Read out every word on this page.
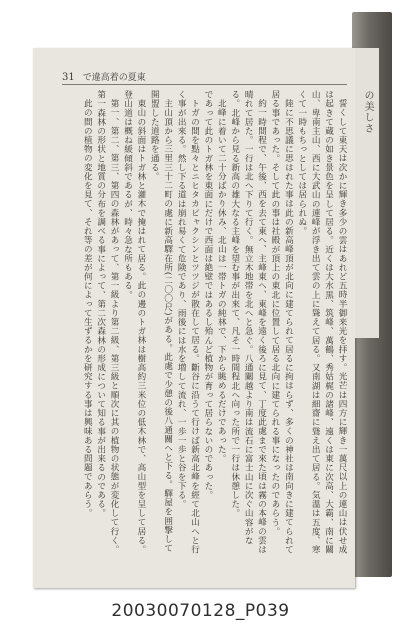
の美しさ
31 で違高着の夏東

誓くして東天は次かに輝き多少の雲はあれど五時半御来光を拝す。光芒は四方に輝き一萬尺以上の連山は伏せ成は起きて蔵の如き景色を呈して居る。近くは大水黒、筑峰、萬鶴、秀姑梶の諸峰、遠くは東に次高、大霸、南に關山、卑南主山、西に大武山の連峰が浮き出て雲の上に聳えて居る。又南湖は細齋に聳え出て居る。気溫は五度、寒くて一時もちっとしては居られぬ。

陸に不思議に思はれた事は此の新高峰頂が北向に建てられて居るに拘はらず、多くの神社は南向きに建てられて居る事であった。そして此の事は社殿が頂上の東北に位置して居る北向に建てられる事になったのであらう。

約一時間程で、午後、西を去て東へ、主峰東へ、東峰を遠く後ろに見て、丁度此處まで來た頃は霧の本峰の雲は晴れて居た。一行は北へ下りて行く。無立木地帯を北へと急ぐ。八通關越より南は流石に富士山に次ぐ山容がなる。北峰から見る新高の雄大なる主峰を望む事が出來て、凡そ一時間程北へ向った所で一行は休憩した。

北峰に着いて二十分ばかり休み、北山は一帯トガの純林で、下から眺めるだけであった。

であって此のトガ林を東面にだけで西面は絶壁ではあるし殆んど植物が育って居らないのであった。

トガの間を點々とニヒタカビャクシンとツツジが散在して居る。斷谷に沿うて行けば新高北峰を經て北山へと行く事が出來る。然し下る道は崩れ易くて危険であり、雨後には水を増して流れ、一歩一歩と谷を下る。

主山頂から三里三十二町の處に新高驛在所(二〇〇尺)がある。此處で少憩の後八通關へと下る。驛屋を囲撃して開盟した道路を通る。

東山の斜面はトガ林と灌木で掩はれて居る。此の邊のトガ林は樹高約三米位の低木林で、高山型を呈して居る。登山道は概ね緩傾斜であるが、時々急な所もある。

第一、第二、第三、第四の森林があって、第一級より第二級、第三級と順次に其の植物の状態が変化して行く。第一森林の形状と地質の分布を調べる事によって、第二次森林の形成について知る事が出来るのである。

此の間の植物の変化を見て、それ等の差が何によって生ずるかを研究する事は興味ある問題であらう。

20030070128_P039
